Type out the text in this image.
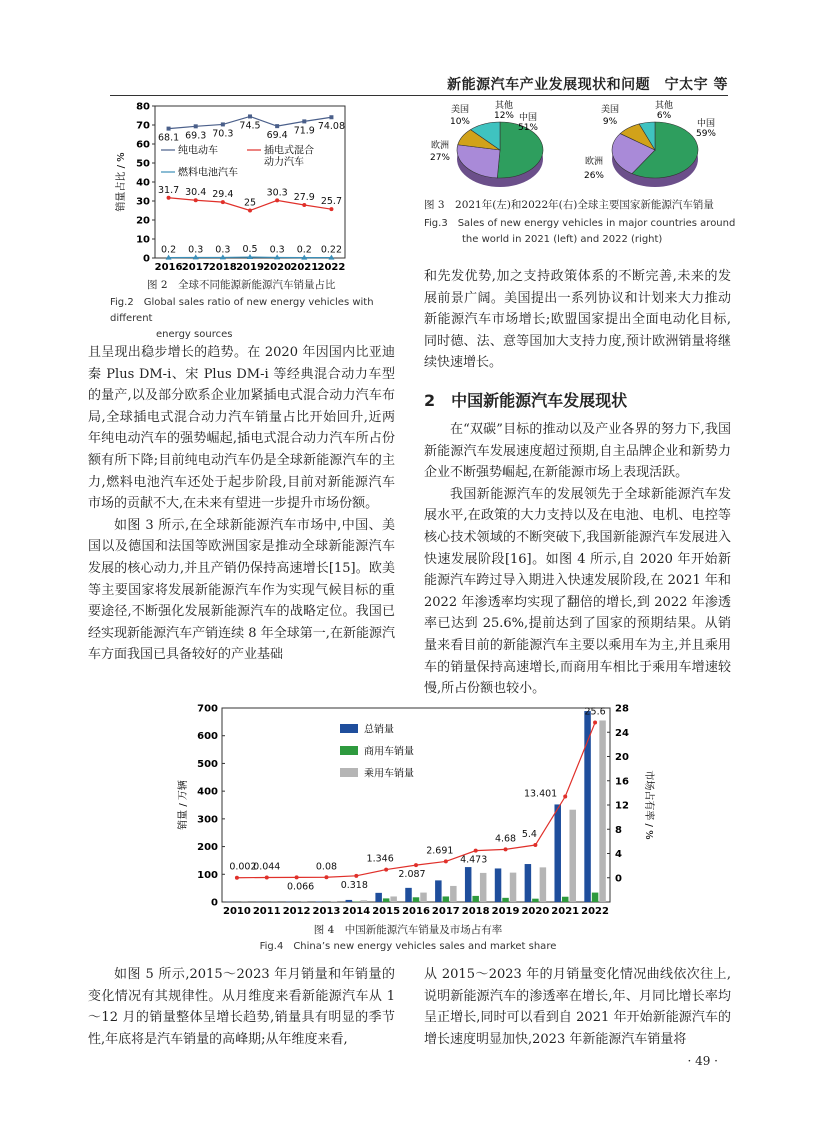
新能源汽车产业发展现状和问题　宁太宇 等
0
10
20
30
40
50
60
70
80
2016 2017 2018 2019 2020 2021 2022
销量占比 / %
68.1 69.3 70.3
74.5
69.4 71.9 74.08
31.7 30.4 29.4
25
30.3 27.9 25.7
0.2 0.3 0.3 0.5 0.3 0.2 0.22
纯电动车	插电式混合
动力汽车
燃料电池汽车
图 2　全球不同能源新能源汽车销量占比
Fig.2　Global sales ratio of new energy vehicles with different
energy sources
中国
51%
欧洲
27%
美国
10%
其他
12%
中国
59%
欧洲
26%
美国
9%
其他
6%
图 3　2021年(左)和2022年(右)全球主要国家新能源汽车销量
Fig.3　Sales of new energy vehicles in major countries around
the world in 2021 (left) and 2022 (right)

且呈现出稳步增长的趋势。在 2020 年因国内比亚迪秦 Plus DM-i、宋 Plus DM-i 等经典混合动力车型的量产,以及部分欧系企业加紧插电式混合动力汽车布局,全球插电式混合动力汽车销量占比开始回升,近两年纯电动汽车的强势崛起,插电式混合动力汽车所占份额有所下降;目前纯电动汽车仍是全球新能源汽车的主力,燃料电池汽车还处于起步阶段,目前对新能源汽车市场的贡献不大,在未来有望进一步提升市场份额。

如图 3 所示,在全球新能源汽车市场中,中国、美国以及德国和法国等欧洲国家是推动全球新能源汽车发展的核心动力,并且产销仍保持高速增长[15]。欧美等主要国家将发展新能源汽车作为实现气候目标的重要途径,不断强化发展新能源汽车的战略定位。我国已经实现新能源汽车产销连续 8 年全球第一,在新能源汽车方面我国已具备较好的产业基础

和先发优势,加之支持政策体系的不断完善,未来的发展前景广阔。美国提出一系列协议和计划来大力推动新能源汽车市场增长;欧盟国家提出全面电动化目标,同时德、法、意等国加大支持力度,预计欧洲销量将继续快速增长。

2　中国新能源汽车发展现状

在“双碳”目标的推动以及产业各界的努力下,我国新能源汽车发展速度超过预期,自主品牌企业和新势力企业不断强势崛起,在新能源市场上表现活跃。

我国新能源汽车的发展领先于全球新能源汽车发展水平,在政策的大力支持以及在电池、电机、电控等核心技术领域的不断突破下,我国新能源汽车发展进入快速发展阶段[16]。如图 4 所示,自 2020 年开始新能源汽车跨过导入期进入快速发展阶段,在 2021 年和 2022 年渗透率均实现了翻倍的增长,到 2022 年渗透率已达到 25.6%,提前达到了国家的预期结果。从销量来看目前的新能源汽车主要以乘用车为主,并且乘用车的销量保持高速增长,而商用车相比于乘用车增速较慢,所占份额也较小。

0
100
200
300
400
500
600
700
0
4
8
12
16
20
24
28
2010 2011 2012 2013 2014 2015 2016 2017 2018 2019 2020 2021 2022
销量 / 万辆	市场占有率 / %
0.002
0.044
0.066
0.08
0.318
1.346
2.087
2.691
4.473
4.68 5.4
13.401
25.6
总销量
商用车销量
乘用车销量
图 4　中国新能源汽车销量及市场占有率
Fig.4　China’s new energy vehicles sales and market share

如图 5 所示,2015～2023 年月销量和年销量的变化情况有其规律性。从月维度来看新能源汽车从 1～12 月的销量整体呈增长趋势,销量具有明显的季节性,年底将是汽车销量的高峰期;从年维度来看,

从 2015～2023 年的月销量变化情况曲线依次往上,说明新能源汽车的渗透率在增长,年、月同比增长率均呈正增长,同时可以看到自 2021 年开始新能源汽车的增长速度明显加快,2023 年新能源汽车销量将

· 49 ·
